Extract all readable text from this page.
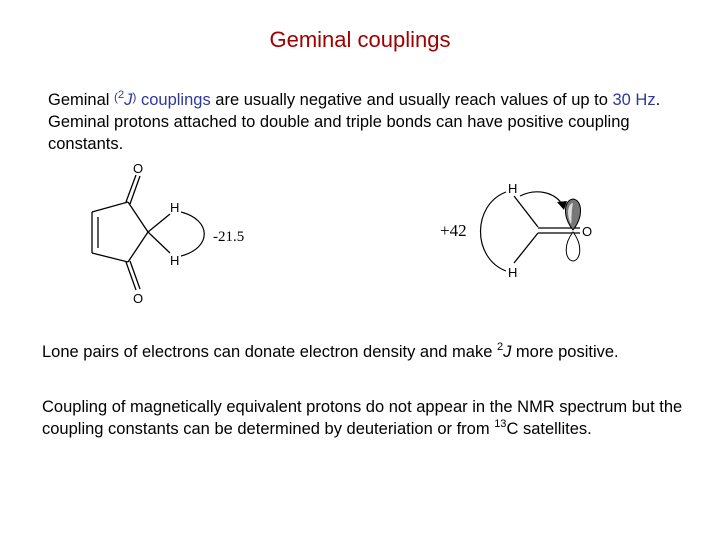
Geminal couplings
Geminal $^{(2}$J) couplings are usually negative and usually reach values of up to 30 Hz. Geminal protons attached to double and triple bonds can have positive coupling constants.
O
O
H
H
-21.5
H
H
O
+42
Lone pairs of electrons can donate electron density and make $^2$J more positive.
Coupling of magnetically equivalent protons do not appear in the NMR spectrum but the coupling constants can be determined by deuteriation or from $^{13}$C satellites.
